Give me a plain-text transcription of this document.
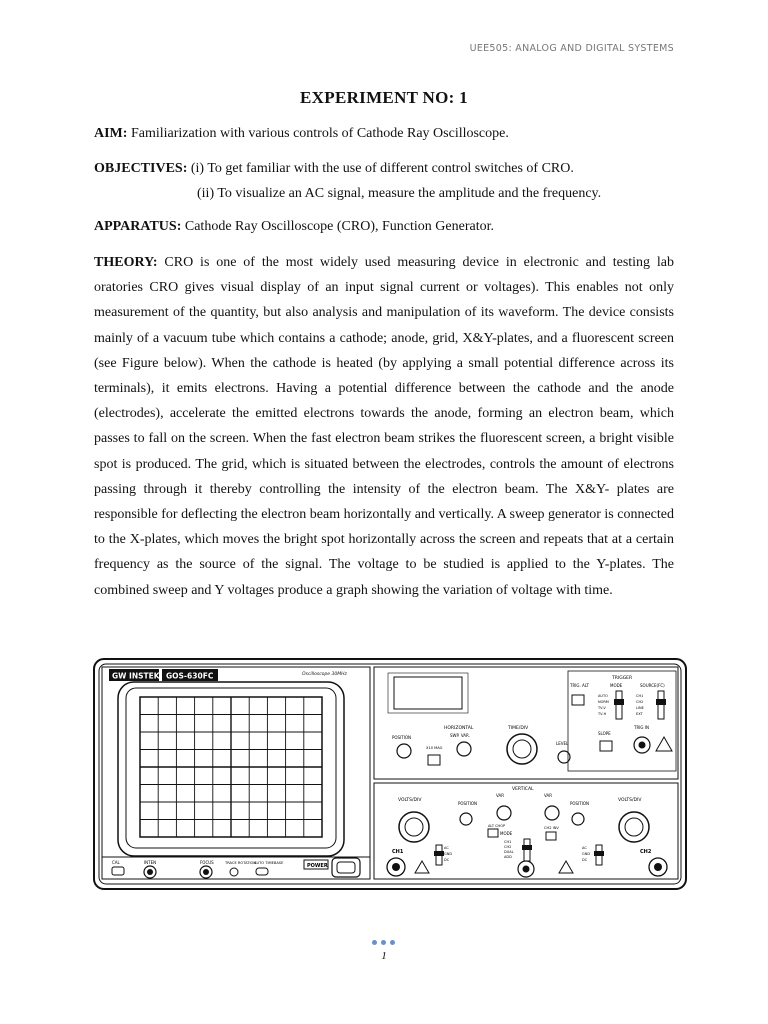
UEE505: ANALOG AND DIGITAL SYSTEMS
EXPERIMENT NO: 1
AIM: Familiarization with various controls of Cathode Ray Oscilloscope.
OBJECTIVES: (i) To get familiar with the use of different control switches of CRO.
(ii) To visualize an AC signal, measure the amplitude and the frequency.
APPARATUS: Cathode Ray Oscilloscope (CRO), Function Generator.
THEORY: CRO is one of the most widely used measuring device in electronic and testing lab oratories CRO gives visual display of an input signal current or voltages). This enables not only measurement of the quantity, but also analysis and manipulation of its waveform. The device consists mainly of a vacuum tube which contains a cathode; anode, grid, X&Y-plates, and a fluorescent screen (see Figure below). When the cathode is heated (by applying a small potential difference across its terminals), it emits electrons. Having a potential difference between the cathode and the anode (electrodes), accelerate the emitted electrons towards the anode, forming an electron beam, which passes to fall on the screen. When the fast electron beam strikes the fluorescent screen, a bright visible spot is produced. The grid, which is situated between the electrodes, controls the amount of electrons passing through it thereby controlling the intensity of the electron beam. The X&Y- plates are responsible for deflecting the electron beam horizontally and vertically. A sweep generator is connected to the X-plates, which moves the bright spot horizontally across the screen and repeats that at a certain frequency as the source of the signal. The voltage to be studied is applied to the Y-plates. The combined sweep and Y voltages produce a graph showing the variation of voltage with time.
GW INSTEK GOS-630FC	Oscilloscope 30MHz
CAL	INTEN	FOCUS	TRACE ROTATION
AUTO TIMEBASE	POWER
TRIGGER
TRIG. ALT	MODE
AUTO
NORM
TV-V
TV-H
SOURCE(FC)
CH1
CH2
LINE
EXT
SLOPE
TRIG IN
POSITION
X10 MAG
HORIZONTAL
SWP. VAR.
TIME/DIV
LEVEL
VERTICAL
VOLTS/DIV
POSITION
VAR	VAR
POSITION
VOLTS/DIV
MODE
ALT CHOP
CH1
CH2
DUAL
ADD
CH2 INV
CH1
AC
GND
DC
CH2
AC
GND
DC
1
